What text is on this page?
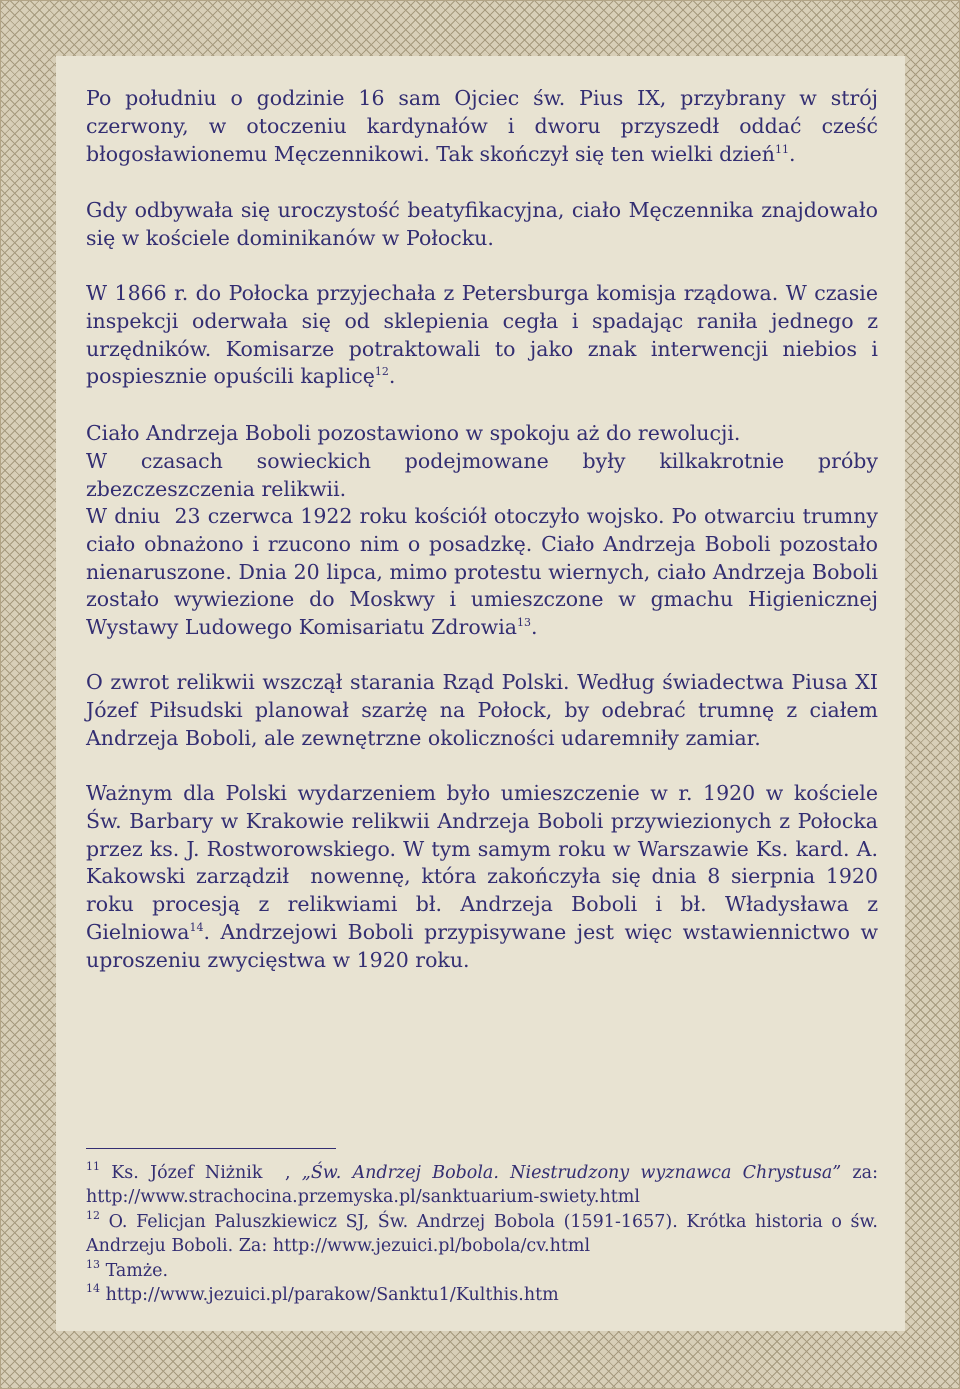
Po południu o godzinie 16 sam Ojciec św. Pius IX, przybrany w strój czerwony, w otoczeniu kardynałów i dworu przyszedł oddać cześć błogosławionemu Męczennikowi. Tak skończył się ten wielki dzień$^{11}$.

Gdy odbywała się uroczystość beatyfikacyjna, ciało Męczennika znajdowało się w kościele dominikanów w Połocku.

W 1866 r. do Połocka przyjechała z Petersburga komisja rządowa. W czasie inspekcji oderwała się od sklepienia cegła i spadając raniła jednego z urzędników. Komisarze potraktowali to jako znak interwencji niebios i pospiesznie opuścili kaplicę$^{12}$.

Ciało Andrzeja Boboli pozostawiono w spokoju aż do rewolucji.

W czasach sowieckich podejmowane były kilkakrotnie próby zbezczeszczenia relikwii.

W dniu  23 czerwca 1922 roku kościół otoczyło wojsko. Po otwarciu trumny ciało obnażono i rzucono nim o posadzkę. Ciało Andrzeja Boboli pozostało nienaruszone. Dnia 20 lipca, mimo protestu wiernych, ciało Andrzeja Boboli zostało wywiezione do Moskwy i umieszczone w gmachu Higienicznej Wystawy Ludowego Komisariatu Zdrowia$^{13}$.

O zwrot relikwii wszczął starania Rząd Polski. Według świadectwa Piusa XI Józef Piłsudski planował szarżę na Połock, by odebrać trumnę z ciałem Andrzeja Boboli, ale zewnętrzne okoliczności udaremniły zamiar.

Ważnym dla Polski wydarzeniem było umieszczenie w r. 1920 w kościele Św. Barbary w Krakowie relikwii Andrzeja Boboli przywiezionych z Połocka przez ks. J. Rostworowskiego. W tym samym roku w Warszawie Ks. kard. A. Kakowski zarządził  nowennę, która zakończyła się dnia 8 sierpnia 1920 roku procesją z relikwiami bł. Andrzeja Boboli i bł. Władysława z Gielniowa$^{14}$. Andrzejowi Boboli przypisywane jest więc wstawiennictwo w uproszeniu zwycięstwa w 1920 roku.

$^{11}$ Ks. Józef Niżnik  , „Św. Andrzej Bobola. Niestrudzony wyznawca Chrystusa” za: http://www.strachocina.przemyska.pl/sanktuarium-swiety.html

$^{12}$ O. Felicjan Paluszkiewicz SJ, Św. Andrzej Bobola (1591-1657). Krótka historia o św. Andrzeju Boboli. Za: http://www.jezuici.pl/bobola/cv.html

$^{13}$ Tamże.

$^{14}$ http://www.jezuici.pl/parakow/Sanktu1/Kulthis.htm
